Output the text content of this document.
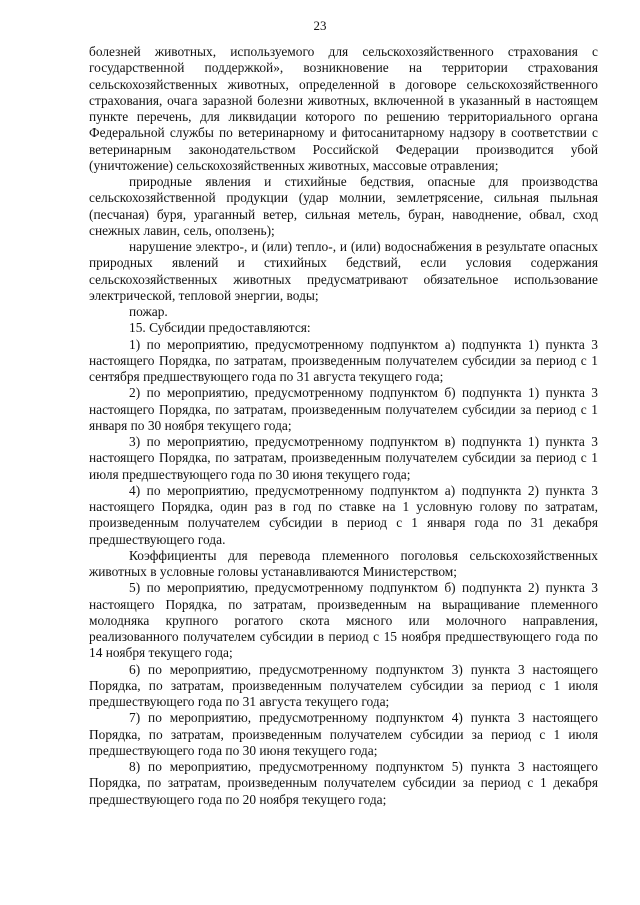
23

болезней животных, используемого для сельскохозяйственного страхования с государственной поддержкой», возникновение на территории страхования сельскохозяйственных животных, определенной в договоре сельскохозяйственного страхования, очага заразной болезни животных, включенной в указанный в настоящем пункте перечень, для ликвидации которого по решению территориального органа Федеральной службы по ветеринарному и фитосанитарному надзору в соответствии с ветеринарным законодательством Российской Федерации производится убой (уничтожение) сельскохозяйственных животных, массовые отравления;

природные явления и стихийные бедствия, опасные для производства сельскохозяйственной продукции (удар молнии, землетрясение, сильная пыльная (песчаная) буря, ураганный ветер, сильная метель, буран, наводнение, обвал, сход снежных лавин, сель, оползень);

нарушение электро-, и (или) тепло-, и (или) водоснабжения в результате опасных природных явлений и стихийных бедствий, если условия содержания сельскохозяйственных животных предусматривают обязательное использование электрической, тепловой энергии, воды;

пожар.

15. Субсидии предоставляются:

1) по мероприятию, предусмотренному подпунктом а) подпункта 1) пункта 3 настоящего Порядка, по затратам, произведенным получателем субсидии за период с 1 сентября предшествующего года по 31 августа текущего года;

2) по мероприятию, предусмотренному подпунктом б) подпункта 1) пункта 3 настоящего Порядка, по затратам, произведенным получателем субсидии за период с 1 января по 30 ноября текущего года;

3) по мероприятию, предусмотренному подпунктом в) подпункта 1) пункта 3 настоящего Порядка, по затратам, произведенным получателем субсидии за период с 1 июля предшествующего года по 30 июня текущего года;

4) по мероприятию, предусмотренному подпунктом а) подпункта 2) пункта 3 настоящего Порядка, один раз в год по ставке на 1 условную голову по затратам, произведенным получателем субсидии в период с 1 января года по 31 декабря предшествующего года.

Коэффициенты для перевода племенного поголовья сельскохозяйственных животных в условные головы устанавливаются Министерством;

5) по мероприятию, предусмотренному подпунктом б) подпункта 2) пункта 3 настоящего Порядка, по затратам, произведенным на выращивание племенного молодняка крупного рогатого скота мясного или молочного направления, реализованного получателем субсидии в период с 15 ноября предшествующего года по 14 ноября текущего года;

6) по мероприятию, предусмотренному подпунктом 3) пункта 3 настоящего Порядка, по затратам, произведенным получателем субсидии за период с 1 июля предшествующего года по 31 августа текущего года;

7) по мероприятию, предусмотренному подпунктом 4) пункта 3 настоящего Порядка, по затратам, произведенным получателем субсидии за период с 1 июля предшествующего года по 30 июня текущего года;

8) по мероприятию, предусмотренному подпунктом 5) пункта 3 настоящего Порядка, по затратам, произведенным получателем субсидии за период с 1 декабря предшествующего года по 20 ноября текущего года;
